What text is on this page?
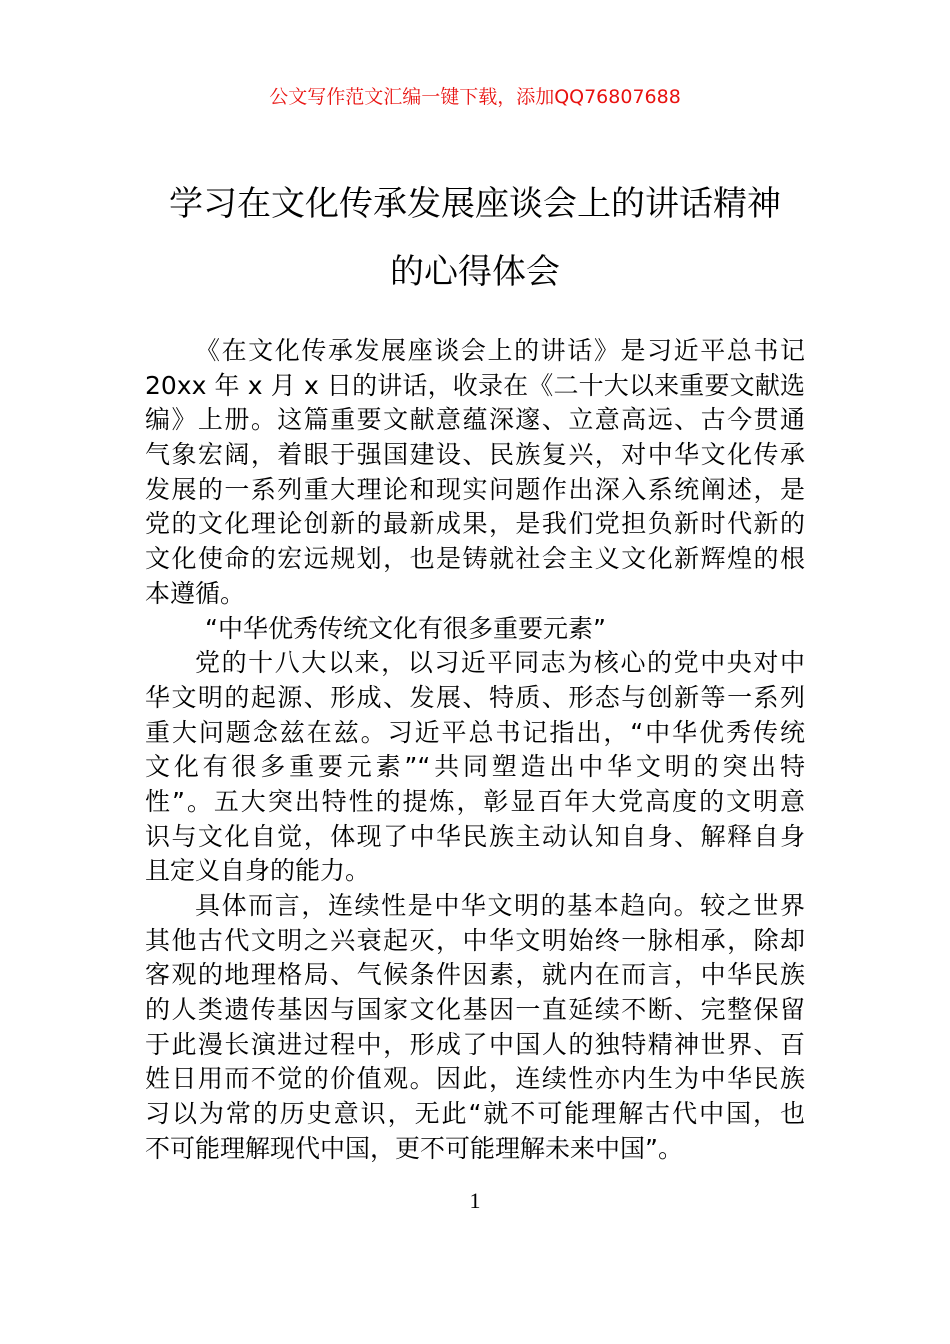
公文写作范文汇编一键下载，添加QQ76807688
学习在文化传承发展座谈会上的讲话精神
的心得体会
《在文化传承发展座谈会上的讲话》是习近平总书记
20xx 年 x 月 x 日的讲话，收录在《二十大以来重要文献选
编》上册。这篇重要文献意蕴深邃、立意高远、古今贯通
气象宏阔，着眼于强国建设、民族复兴，对中华文化传承
发展的一系列重大理论和现实问题作出深入系统阐述，是
党的文化理论创新的最新成果，是我们党担负新时代新的
文化使命的宏远规划，也是铸就社会主义文化新辉煌的根
本遵循。
“中华优秀传统文化有很多重要元素”
党的十八大以来，以习近平同志为核心的党中央对中
华文明的起源、形成、发展、特质、形态与创新等一系列
重大问题念兹在兹。习近平总书记指出，“中华优秀传统
文化有很多重要元素”“共同塑造出中华文明的突出特
性”。五大突出特性的提炼，彰显百年大党高度的文明意
识与文化自觉，体现了中华民族主动认知自身、解释自身
且定义自身的能力。
具体而言，连续性是中华文明的基本趋向。较之世界
其他古代文明之兴衰起灭，中华文明始终一脉相承，除却
客观的地理格局、气候条件因素，就内在而言，中华民族
的人类遗传基因与国家文化基因一直延续不断、完整保留
于此漫长演进过程中，形成了中国人的独特精神世界、百
姓日用而不觉的价值观。因此，连续性亦内生为中华民族
习以为常的历史意识，无此“就不可能理解古代中国，也
不可能理解现代中国，更不可能理解未来中国”。
1
